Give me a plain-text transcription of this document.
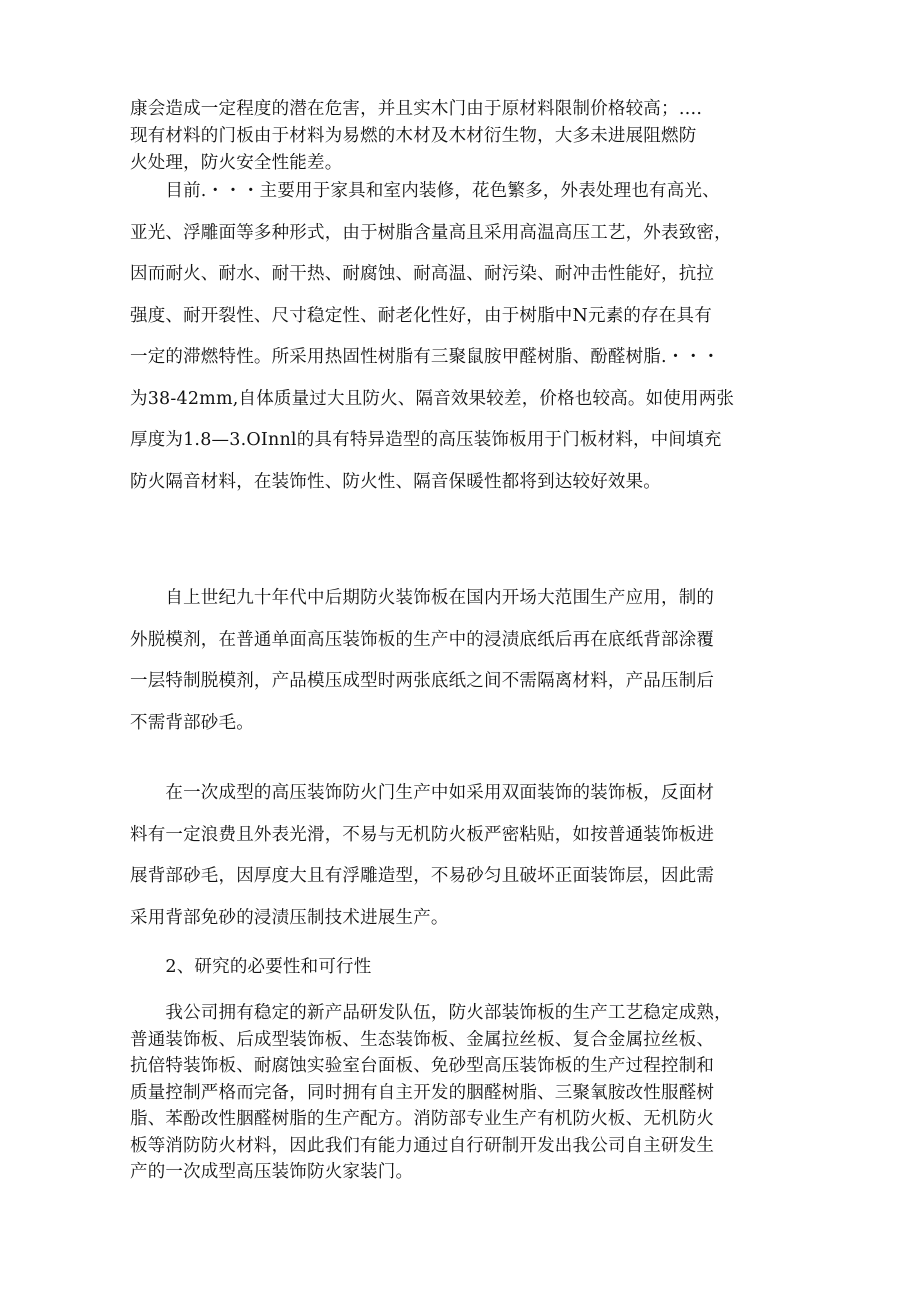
康会造成一定程度的潜在危害，并且实木门由于原材料限制价格较高；….
现有材料的门板由于材料为易燃的木材及木材衍生物，大多未进展阻燃防
火处理，防火安全性能差。

　　目前.・・・主要用于家具和室内装修，花色繁多，外表处理也有高光、
亚光、浮雕面等多种形式，由于树脂含量高且采用高温高压工艺，外表致密，
因而耐火、耐水、耐干热、耐腐蚀、耐高温、耐污染、耐冲击性能好，抗拉
强度、耐开裂性、尺寸稳定性、耐老化性好，由于树脂中N元素的存在具有
一定的滞燃特性。所采用热固性树脂有三聚鼠胺甲醛树脂、酚醛树脂.・・・
为38-42mm,自体质量过大且防火、隔音效果较差，价格也较高。如使用两张
厚度为1.8—3.OInnl的具有特异造型的高压装饰板用于门板材料，中间填充
防火隔音材料，在装饰性、防火性、隔音保暖性都将到达较好效果。

　　自上世纪九十年代中后期防火装饰板在国内开场大范围生产应用，制的
外脱模剂，在普通单面高压装饰板的生产中的浸渍底纸后再在底纸背部涂覆
一层特制脱模剂，产品模压成型时两张底纸之间不需隔离材料，产品压制后
不需背部砂毛。

　　在一次成型的高压装饰防火门生产中如采用双面装饰的装饰板，反面材
料有一定浪费且外表光滑，不易与无机防火板严密粘贴，如按普通装饰板进
展背部砂毛，因厚度大且有浮雕造型，不易砂匀且破坏正面装饰层，因此需
采用背部免砂的浸渍压制技术进展生产。

　　2、研究的必要性和可行性

　　我公司拥有稳定的新产品研发队伍，防火部装饰板的生产工艺稳定成熟，
普通装饰板、后成型装饰板、生态装饰板、金属拉丝板、复合金属拉丝板、
抗倍特装饰板、耐腐蚀实验室台面板、免砂型高压装饰板的生产过程控制和
质量控制严格而完备，同时拥有自主开发的胭醛树脂、三聚氧胺改性服醛树
脂、苯酚改性胭醛树脂的生产配方。消防部专业生产有机防火板、无机防火
板等消防防火材料，因此我们有能力通过自行研制开发出我公司自主研发生
产的一次成型高压装饰防火家装门。
